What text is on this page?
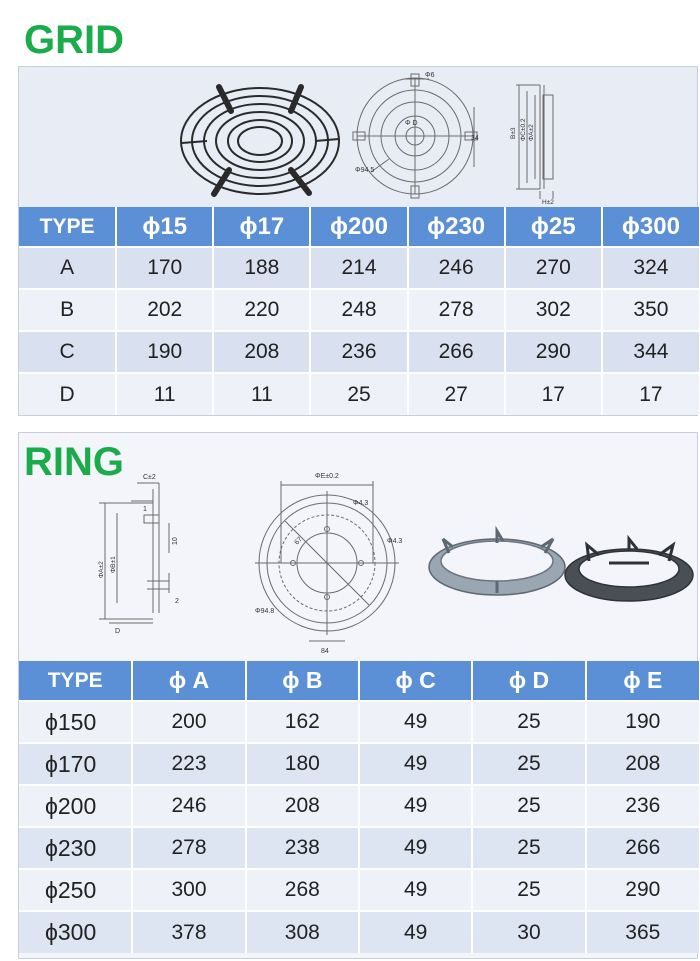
Φ6
Φ D
34
Φ94.5
B±3 ΦC±0.2 ΦA±2
H±2
TYPE	ϕ15	ϕ17	ϕ200	ϕ230	ϕ25	ϕ300
A	170	188	214	246	270	324
B	202	220	248	278	302	350
C	190	208	236	266	290	344
D	11	11	25	27	17	17
GRID
C±2
1
10
2
ΦA±2 ΦB±1
D
ΦE±0.2
Φ4.3
Φ4.3
67
Φ94.8
84
TYPE	ϕ A	ϕ B	ϕ C	ϕ D	ϕ E
ϕ150	200	162	49	25	190
ϕ170	223	180	49	25	208
ϕ200	246	208	49	25	236
ϕ230	278	238	49	25	266
ϕ250	300	268	49	25	290
ϕ300	378	308	49	30	365
RING
